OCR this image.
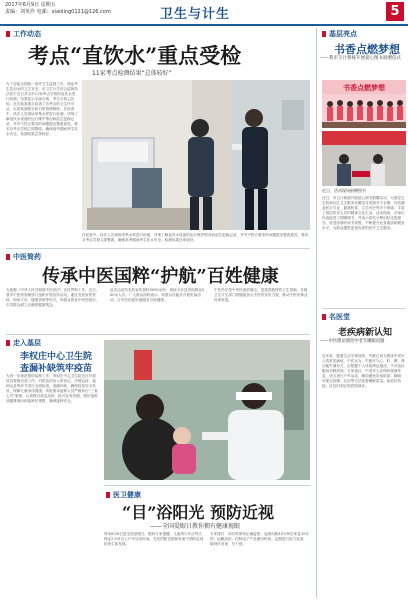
2017年6月9日 星期五
责编：刘英伶 电邮：xiaoling0121@126.com	卫生与计生	5
工作动态
考点“直饮水”重点受检
11家考点检测结果“总体较好”
为了迎接全国统一高考卫生监督工作，保证考生饮用水的卫生安全，市卫生计生综合监督执法局于近日对全市11家考点学校的直饮水进行检测，结果显示全部合格，考生可放心饮用。此次检查重点检查了各考点的卫生许可证、水质检测报告和日常管理制度。在检查中，执法人员现场采集水样进行检测，详细了解直饮水设备的运行维护情况和滤芯更换记录，并对不符合要求的问题提出整改意见，要求各考点学校立即整改，确保高考期间考生饮水安全。检测结果总体较好。
在检查中，执法人员现场采集水样进行检测，详细了解直饮水设备的运行维护情况和滤芯更换记录，并对不符合要求的问题提出整改意见，要求各考点学校立即整改，确保高考期间考生饮水安全。检测结果总体较好。
中医简药
传承中医国粹“护航”百姓健康
为加强《中华人民共和国中医药法》宣传贯彻工作，近日，我市中医药管理部门组织开展宣传活动，通过发放宣传资料、现场义诊、健康咨询等形式，向群众普及中医药知识，引导群众树立正确的健康观念。
此次活动共发放宣传资料3000余份，现场义诊及咨询群众500余人次。广大群众纷纷表示，希望以后能多开展类似活动，让中医药更好地服务百姓健康。
中医药学是中华民族的瑰宝，是我国独特的卫生资源。各级卫生计生部门将继续加大中医药宣传力度，推动中医药事业传承发展。
走入基层
李权庄中心卫生院
查漏补缺筑牢疫苗
为进一步规范预防接种工作，李权庄中心卫生院近日开展疫苗管理自查工作，对疫苗的出入库登记、冷链运转、接种记录等环节进行全面检查，查漏补缺，确保疫苗安全有效，保障儿童身体健康。该院要求接种人员严格执行“三查七对”制度，认真核对疫苗品种、批号及有效期，做好接种前健康询问和接种后观察，确保接种安全。
医卫健康
“目”浴阳光 预防近视
——全国爱眼日教你拥有健康视眼
每年6月6日是全国爱眼日。眼科专家提醒，儿童青少年应每天保证2小时以上户外活动时间，充足的阳光照射有助于预防近视的发生和发展。
专家建议：读写时保持正确姿势；连续用眼40分钟后休息10分钟，远眺放松；控制电子产品使用时间；定期进行视力检查，做到早发现、早干预。
基层亮点
书香点燃梦想
——我市卫计系统开展爱心图书捐赠仪式
书香点燃梦想
近日，活动现场捐赠图书
近日，市卫计系统开展爱心图书捐赠活动，为基层卫生院和社区卫生服务站赠送各类图书千余册，内容涵盖医学专业、健康科普、文学历史等多个领域，丰富了基层医务人员的精神文化生活。活动现场，各单位代表接受了捐赠图书，并表示将充分利用好这批图书，营造浓厚的读书氛围，不断提升业务素质和服务水平，为群众提供更加优质的医疗卫生服务。
名医堂
老疾病新认知
——中医理论调治中老年睡眠问题
近年来，随着生活节奏加快，失眠已成为困扰中老年人的常见病症。中医认为，失眠多与心、肝、脾、肾功能失调有关，应根据个人体质辨证施治，不可盲目服用安眠药物。专家建议，中老年人应保持规律作息，适当进行户外活动，睡前避免饮用浓茶、咖啡，可配合按摩、足浴等方法改善睡眠质量。如症状持续，应及时到正规医院就诊。
